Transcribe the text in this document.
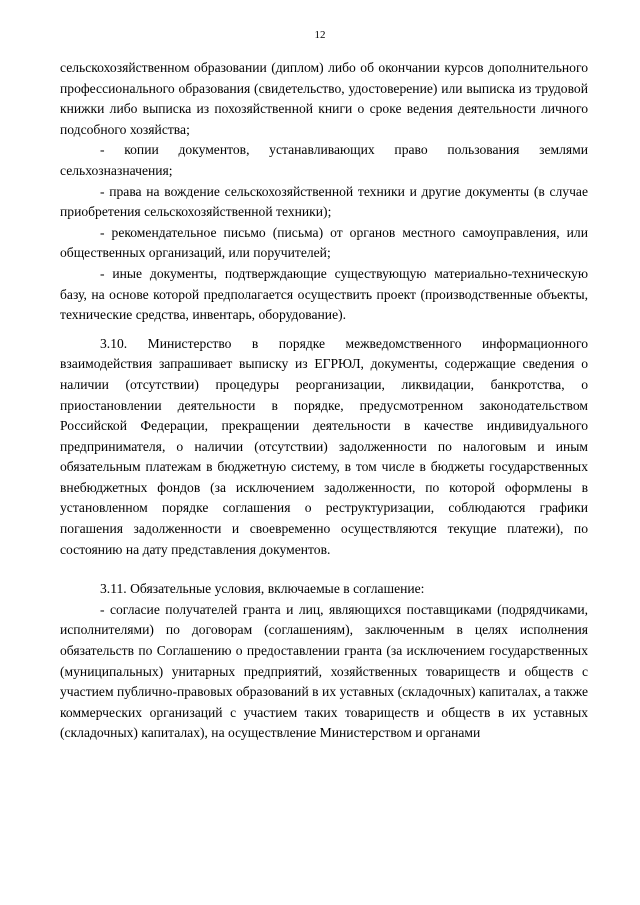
12

сельскохозяйственном образовании (диплом) либо об окончании курсов дополнительного профессионального образования (свидетельство, удостоверение) или выписка из трудовой книжки либо выписка из похозяйственной книги о сроке ведения деятельности личного подсобного хозяйства;

- копии документов, устанавливающих право пользования землями сельхозназначения;

- права на вождение сельскохозяйственной техники и другие документы (в случае приобретения сельскохозяйственной техники);

- рекомендательное письмо (письма) от органов местного самоуправления, или общественных организаций, или поручителей;

- иные документы, подтверждающие существующую материально-техническую базу, на основе которой предполагается осуществить проект (производственные объекты, технические средства, инвентарь, оборудование).

3.10. Министерство в порядке межведомственного информационного взаимодействия запрашивает выписку из ЕГРЮЛ, документы, содержащие сведения о наличии (отсутствии) процедуры реорганизации, ликвидации, банкротства, о приостановлении деятельности в порядке, предусмотренном законодательством Российской Федерации, прекращении деятельности в качестве индивидуального предпринимателя, о наличии (отсутствии) задолженности по налоговым и иным обязательным платежам в бюджетную систему, в том числе в бюджеты государственных внебюджетных фондов (за исключением задолженности, по которой оформлены в установленном порядке соглашения о реструктуризации, соблюдаются графики погашения задолженности и своевременно осуществляются текущие платежи), по состоянию на дату представления документов.

3.11. Обязательные условия, включаемые в соглашение:

- согласие получателей гранта и лиц, являющихся поставщиками (подрядчиками, исполнителями) по договорам (соглашениям), заключенным в целях исполнения обязательств по Соглашению о предоставлении гранта (за исключением государственных (муниципальных) унитарных предприятий, хозяйственных товариществ и обществ с участием публично-правовых образований в их уставных (складочных) капиталах, а также коммерческих организаций с участием таких товариществ и обществ в их уставных (складочных) капиталах), на осуществление Министерством и органами
